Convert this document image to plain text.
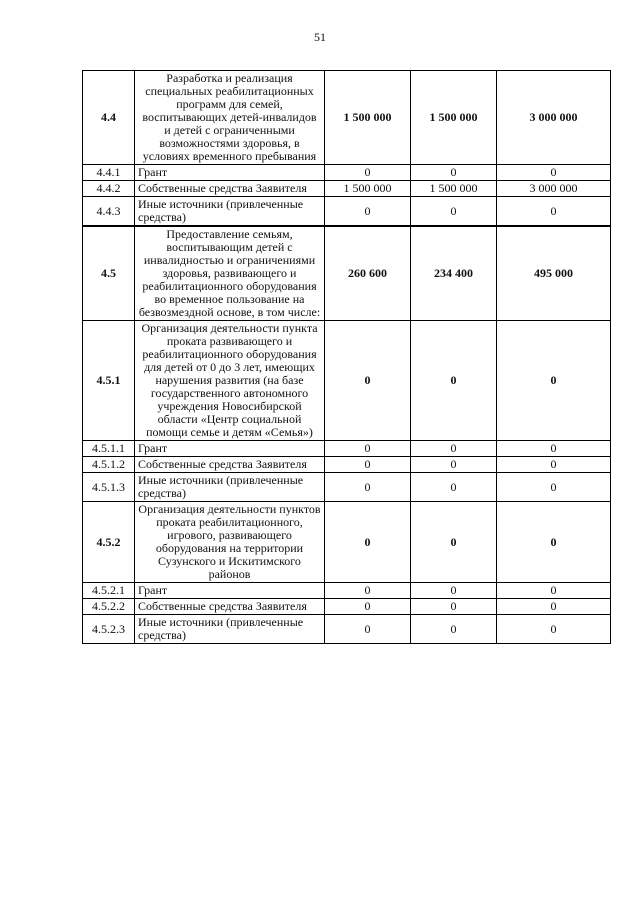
51
4.4	Разработка и реализация специальных реабилитационных программ для семей, воспитывающих детей-инвалидов и детей с ограниченными возможностями здоровья, в условиях временного пребывания	1 500 000	1 500 000	3 000 000
4.4.1	Грант	0	0	0
4.4.2	Собственные средства Заявителя	1 500 000	1 500 000	3 000 000
4.4.3	Иные источники (привлеченные средства)	0	0	0
4.5	Предоставление семьям, воспитывающим детей с инвалидностью и ограничениями здоровья, развивающего и реабилитационного оборудования во временное пользование на безвозмездной основе, в том числе:	260 600	234 400	495 000
4.5.1	Организация деятельности пункта проката развивающего и реабилитационного оборудования для детей от 0 до 3 лет, имеющих нарушения развития (на базе государственного автономного учреждения Новосибирской области «Центр социальной помощи семье и детям «Семья»)	0	0	0
4.5.1.1	Грант	0	0	0
4.5.1.2	Собственные средства Заявителя	0	0	0
4.5.1.3	Иные источники (привлеченные средства)	0	0	0
4.5.2	Организация деятельности пунктов проката реабилитационного, игрового, развивающего оборудования на территории Сузунского и Искитимского районов	0	0	0
4.5.2.1	Грант	0	0	0
4.5.2.2	Собственные средства Заявителя	0	0	0
4.5.2.3	Иные источники (привлеченные средства)	0	0	0
